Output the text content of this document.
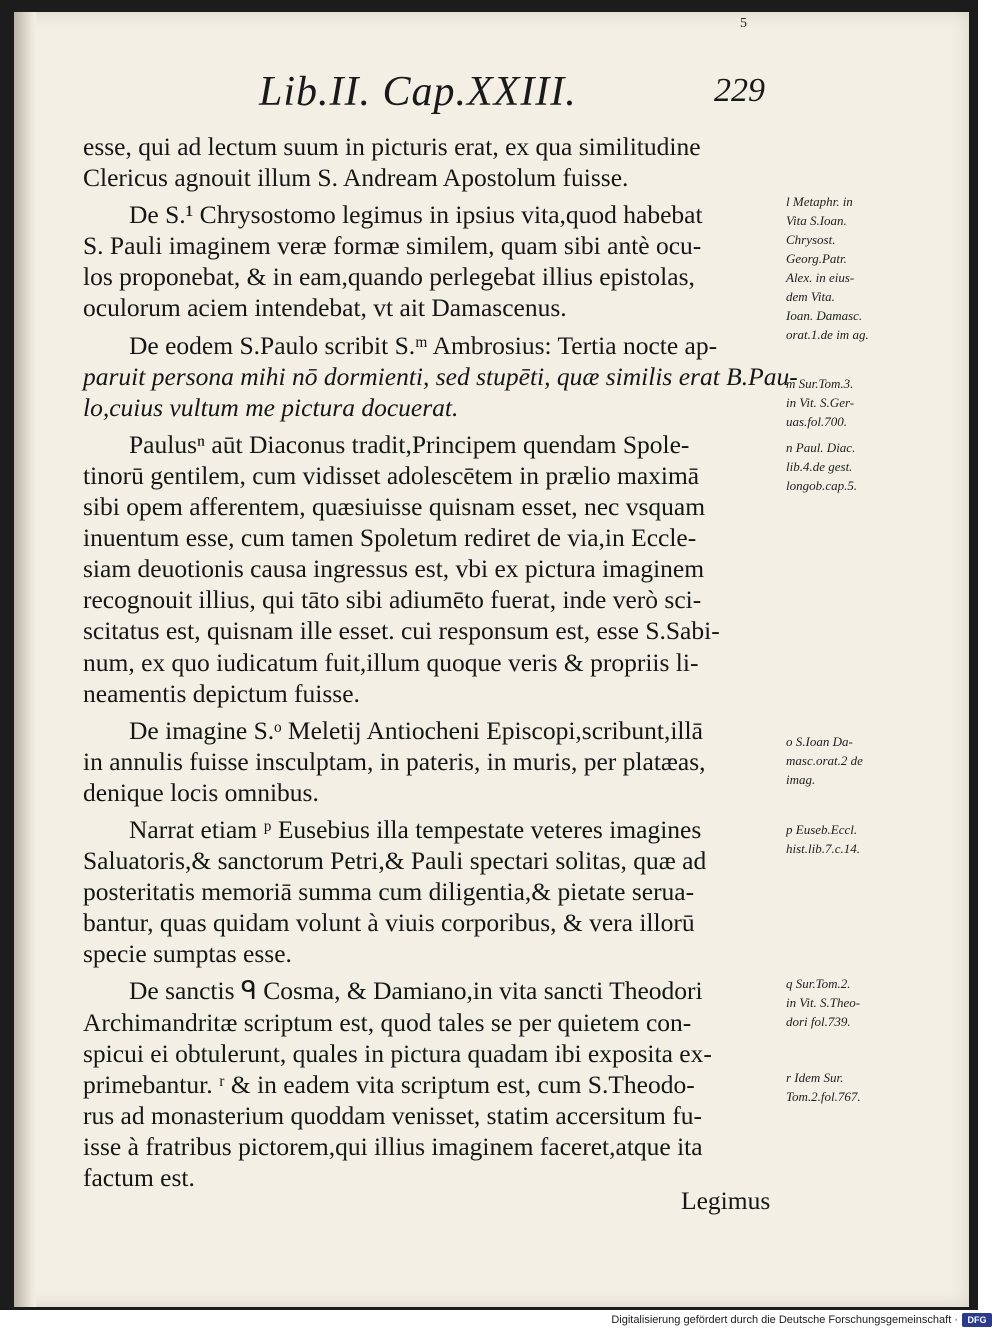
5
Lib.II. Cap.XXIII.	229
esse, qui ad lectum suum in picturis erat, ex qua similitudine
Clericus agnouit illum S. Andream Apostolum fuisse.
De S.¹ Chrysostomo legimus in ipsius vita,quod habebat
S. Pauli imaginem veræ formæ similem, quam sibi antè ocu-
los proponebat, & in eam,quando perlegebat illius epistolas,
oculorum aciem intendebat, vt ait Damascenus.
De eodem S.Paulo scribit S.ᵐ Ambrosius: Tertia nocte ap-
paruit persona mihi nō dormienti, sed stupēti, quæ similis erat B.Pau-
lo,cuius vultum me pictura docuerat.
Paulusⁿ aūt Diaconus tradit,Principem quendam Spole-
tinorū gentilem, cum vidisset adolescētem in prælio maximā
sibi opem afferentem, quæsiuisse quisnam esset, nec vsquam
inuentum esse, cum tamen Spoletum rediret de via,in Eccle-
siam deuotionis causa ingressus est, vbi ex pictura imaginem
recognouit illius, qui tāto sibi adiumēto fuerat, inde verò sci-
scitatus est, quisnam ille esset. cui responsum est, esse S.Sabi-
num, ex quo iudicatum fuit,illum quoque veris & propriis li-
neamentis depictum fuisse.
De imagine S.ᵒ Meletij Antiocheni Episcopi,scribunt,illā
in annulis fuisse insculptam, in pateris, in muris, per platæas,
denique locis omnibus.
Narrat etiam ᵖ Eusebius illa tempestate veteres imagines
Saluatoris,& sanctorum Petri,& Pauli spectari solitas, quæ ad
posteritatis memoriā summa cum diligentia,& pietate serua-
bantur, quas quidam volunt à viuis corporibus, & vera illorū
specie sumptas esse.
De sanctis ᑫ Cosma, & Damiano,in vita sancti Theodori
Archimandritæ scriptum est, quod tales se per quietem con-
spicui ei obtulerunt, quales in pictura quadam ibi exposita ex-
primebantur. ʳ & in eadem vita scriptum est, cum S.Theodo-
rus ad monasterium quoddam venisset, statim accersitum fu-
isse à fratribus pictorem,qui illius imaginem faceret,atque ita
factum est.
Legimus
l Metaphr. in
Vita S.Ioan.
Chrysost.
Georg.Patr.
Alex. in eius-
dem Vita.
Ioan. Damasc.
orat.1.de im ag.
m Sur.Tom.3.
in Vit. S.Ger-
uas.fol.700.
n Paul. Diac.
lib.4.de gest.
longob.cap.5.
o S.Ioan Da-
masc.orat.2 de
imag.
p Euseb.Eccl.
hist.lib.7.c.14.
q Sur.Tom.2.
in Vit. S.Theo-
dori fol.739.
r Idem Sur.
Tom.2.fol.767.
Digitalisierung gefördert durch die Deutsche Forschungsgemeinschaft ·	DFG
